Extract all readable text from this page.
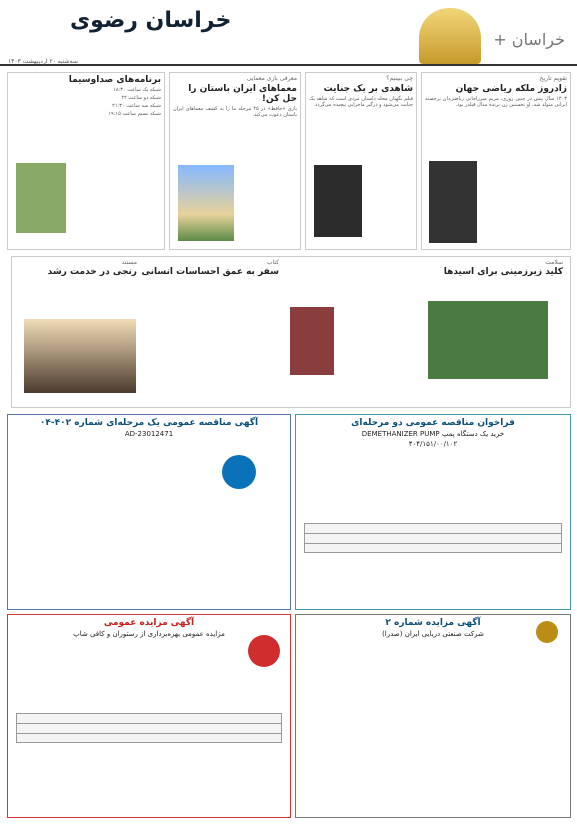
خراسان +
خراسان رضوی
سه‌شنبه ۲۰ اردیبهشت ۱۴۰۳
تقویم تاریخ
زادروز ملکه ریاضی جهان
۱۴۰۳ سال پیش در چنین روزی، مریم میرزاخانی ریاضی‌دان برجسته ایرانی متولد شد. او نخستین زن برنده مدال فیلدز بود.
چی ببینیم؟
شاهدی بر یک جنایت
فیلم نگهبان محله داستان مردی است که شاهد یک جنایت می‌شود و درگیر ماجرایی پیچیده می‌گردد.
معرفی بازی معمایی
معماهای ایران باستان را حل کن!
بازی «حافظ» در ۴۵ مرحله ما را به کشف معماهای ایران باستان دعوت می‌کند.
برنامه‌های صداوسیما
شبکه یک ساعت ۱۸:۳۰
شبکه دو ساعت ۲۲
شبکه سه ساعت ۲۱:۳۰
شبکه نسیم ساعت ۱۹:۱۵
کلید زیرزمینی برای اسیدها
سلامت
سفر به عمق احساسات انسانی
کتاب
رنجی در خدمت رشد
مستند
فراخوان مناقصه عمومی دو مرحله‌ای
خرید یک دستگاه پمپ DEMETHANIZER PUMP
۴۰۴/۱۵۱/۰۰/۱۰۲
آگهی مناقصه عمومی یک مرحله‌ای شماره ۴۰۲-۰۴
AD-23012471
آگهی مزایده شماره ۲
شرکت صنعتی دریایی ایران (صدرا)
آگهی مزایده عمومی
مزایده عمومی بهره‌برداری از رستوران و کافی شاپ
